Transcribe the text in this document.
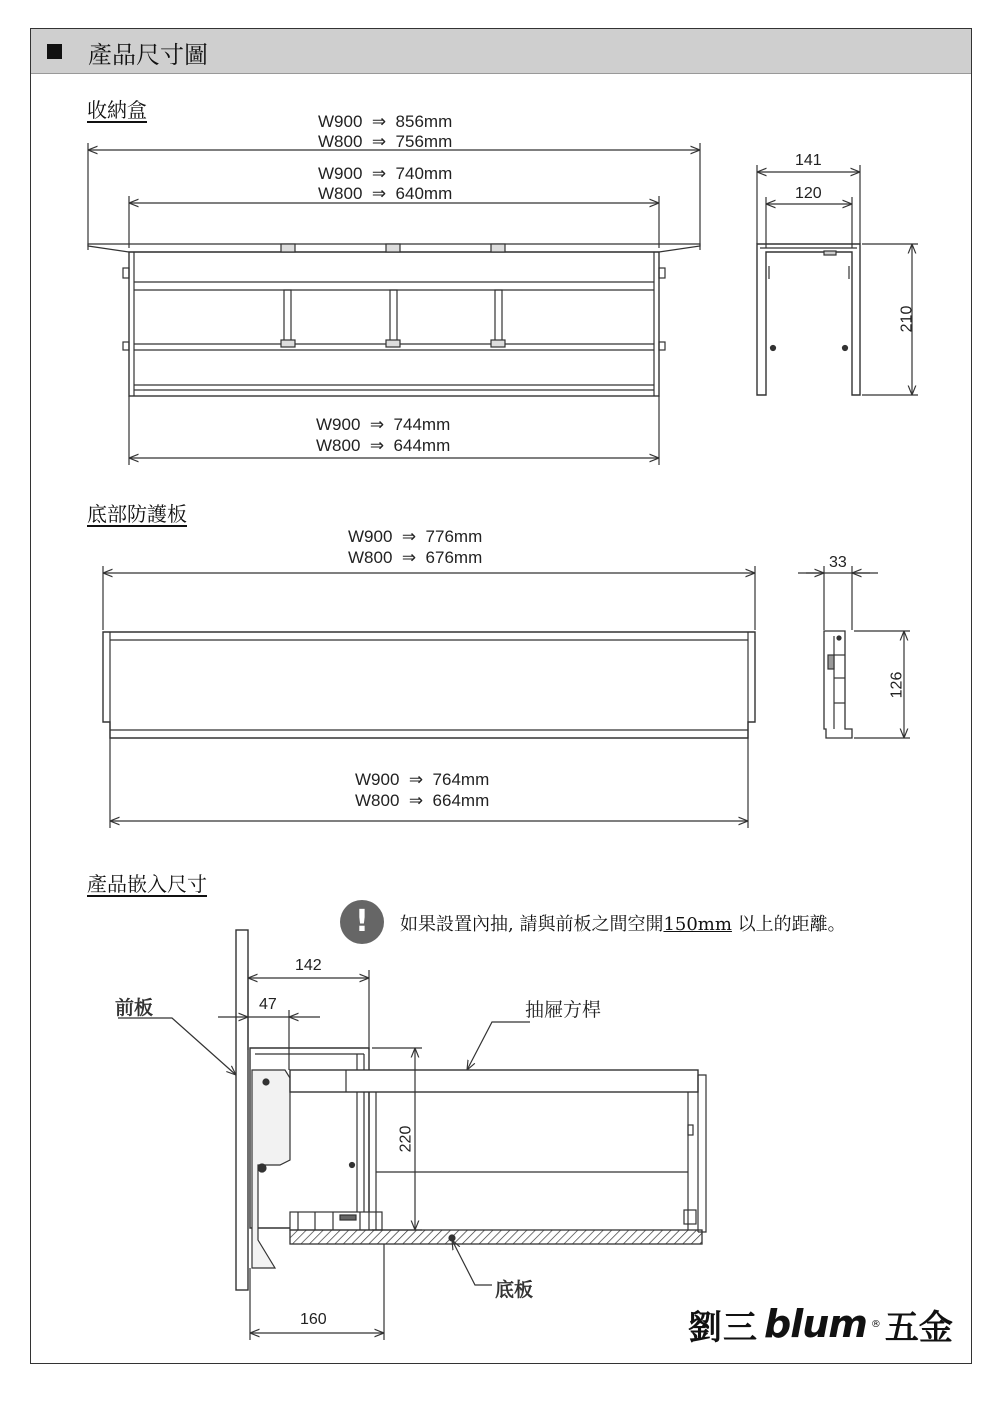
產品尺寸圖
收納盒
底部防護板
產品嵌入尺寸
W900  ⇒  856mm
W800  ⇒  756mm
W900  ⇒  740mm
W800  ⇒  640mm
W900  ⇒  744mm
W800  ⇒  644mm
141
120
210
W900  ⇒  776mm
W800  ⇒  676mm
W900  ⇒  764mm
W800  ⇒  664mm
33
126
!	如果設置內抽, 請與前板之間空開150mm 以上的距離。
142
47
220
160
前板	抽屜方桿
底板
劉三 blum ® 五金
